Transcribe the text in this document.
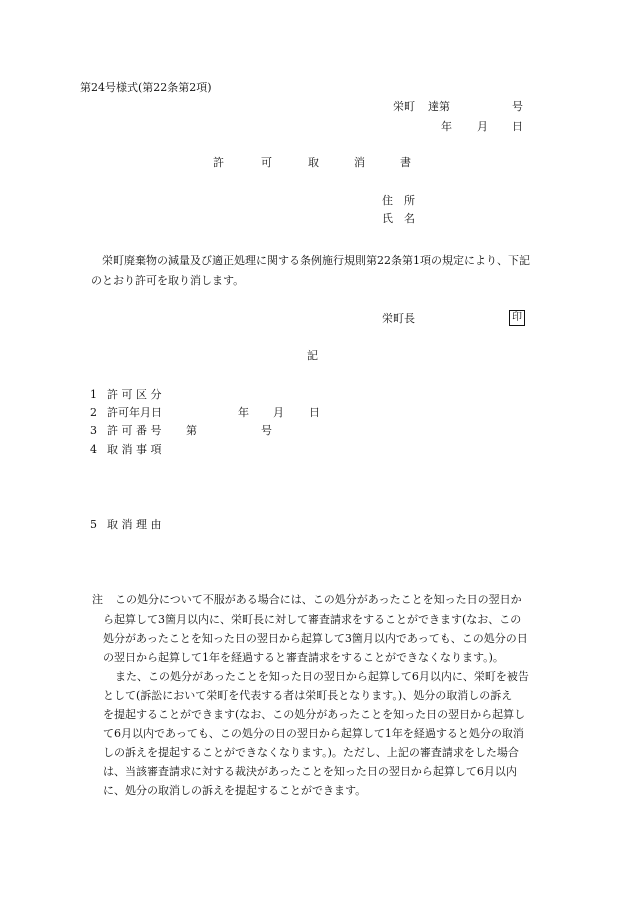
第24号様式(第22条第2項)
栄町 達第	号
年 月 日
許	可	取	消	書
住　所
氏　名
栄町廃棄物の減量及び適正処理に関する条例施行規則第22条第1項の規定により、下記
のとおり許可を取り消します。
栄町長	印
記
1 許 可 区 分
2 許可年月日	年 月 日
3 許 可 番 号 第	号
4 取 消 事 項
5 取 消 理 由
注 この処分について不服がある場合には、この処分があったことを知った日の翌日か
ら起算して3箇月以内に、栄町長に対して審査請求をすることができます(なお、この
処分があったことを知った日の翌日から起算して3箇月以内であっても、この処分の日
の翌日から起算して1年を経過すると審査請求をすることができなくなります。)。
また、この処分があったことを知った日の翌日から起算して6月以内に、栄町を被告
として(訴訟において栄町を代表する者は栄町長となります。)、処分の取消しの訴え
を提起することができます(なお、この処分があったことを知った日の翌日から起算し
て6月以内であっても、この処分の日の翌日から起算して1年を経過すると処分の取消
しの訴えを提起することができなくなります。)。ただし、上記の審査請求をした場合
は、当該審査請求に対する裁決があったことを知った日の翌日から起算して6月以内
に、処分の取消しの訴えを提起することができます。
